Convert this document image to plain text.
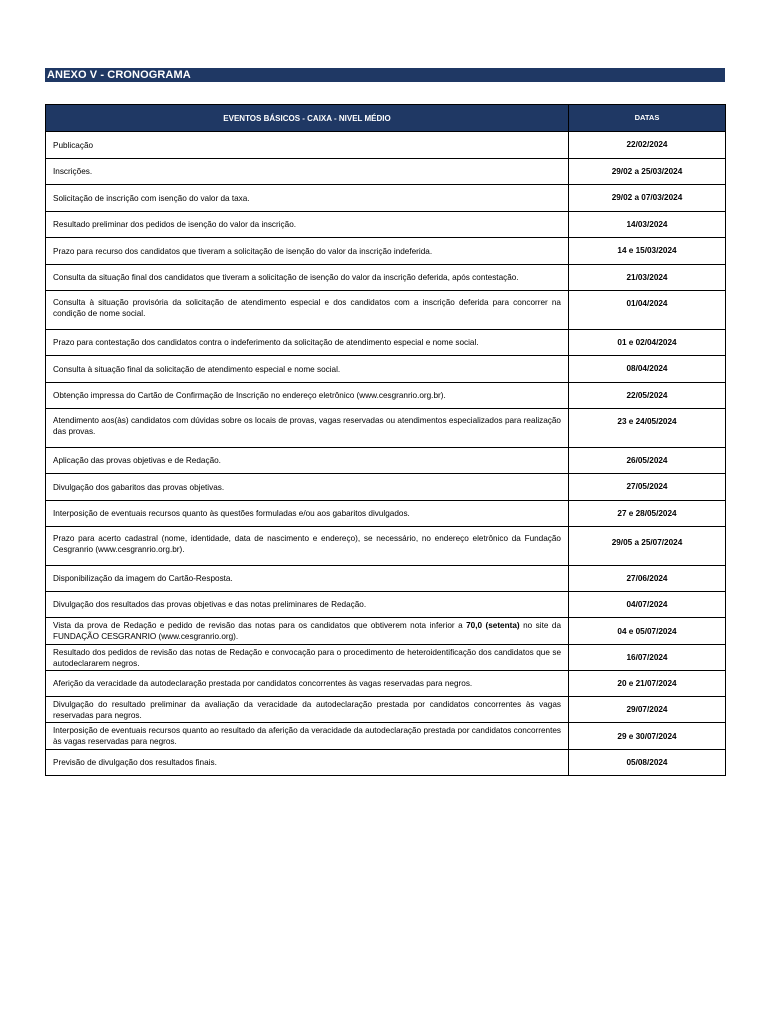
ANEXO V - CRONOGRAMA
EVENTOS BÁSICOS - CAIXA - NIVEL MÉDIO	DATAS
Publicação	22/02/2024
Inscrições.	29/02 a 25/03/2024
Solicitação de inscrição com isenção do valor da taxa.	29/02 a 07/03/2024
Resultado preliminar dos pedidos de isenção do valor da inscrição.	14/03/2024
Prazo para recurso dos candidatos que tiveram a solicitação de isenção do valor da inscrição indeferida.	14 e 15/03/2024
Consulta da situação final dos candidatos que tiveram a solicitação de isenção do valor da inscrição deferida, após contestação.	21/03/2024
Consulta à situação provisória da solicitação de atendimento especial e dos candidatos com a inscrição deferida para concorrer na condição de nome social.	01/04/2024
Prazo para contestação dos candidatos contra o indeferimento da solicitação de atendimento especial e nome social.	01 e 02/04/2024
Consulta à situação final da solicitação de atendimento especial e nome social.	08/04/2024
Obtenção impressa do Cartão de Confirmação de Inscrição no endereço eletrônico (www.cesgranrio.org.br).	22/05/2024
Atendimento aos(às) candidatos com dúvidas sobre os locais de provas, vagas reservadas ou atendimentos especializados para realização das provas.	23 e 24/05/2024
Aplicação das provas objetivas e de Redação.	26/05/2024
Divulgação dos gabaritos das provas objetivas.	27/05/2024
Interposição de eventuais recursos quanto às questões formuladas e/ou aos gabaritos divulgados.	27 e 28/05/2024
Prazo para acerto cadastral (nome, identidade, data de nascimento e endereço), se necessário, no endereço eletrônico da Fundação Cesgranrio (www.cesgranrio.org.br).	29/05 a 25/07/2024
Disponibilização da imagem do Cartão-Resposta.	27/06/2024
Divulgação dos resultados das provas objetivas e das notas preliminares de Redação.	04/07/2024
Vista da prova de Redação e pedido de revisão das notas para os candidatos que obtiverem nota inferior a 70,0 (setenta) no site da FUNDAÇÃO CESGRANRIO (www.cesgranrio.org).	04 e 05/07/2024
Resultado dos pedidos de revisão das notas de Redação e convocação para o procedimento de heteroidentificação dos candidatos que se autodeclararem negros.	16/07/2024
Aferição da veracidade da autodeclaração prestada por candidatos concorrentes às vagas reservadas para negros.	20 e 21/07/2024
Divulgação do resultado preliminar da avaliação da veracidade da autodeclaração prestada por candidatos concorrentes às vagas reservadas para negros.	29/07/2024
Interposição de eventuais recursos quanto ao resultado da aferição da veracidade da autodeclaração prestada por candidatos concorrentes às vagas reservadas para negros.	29 e 30/07/2024
Previsão de divulgação dos resultados finais.	05/08/2024
